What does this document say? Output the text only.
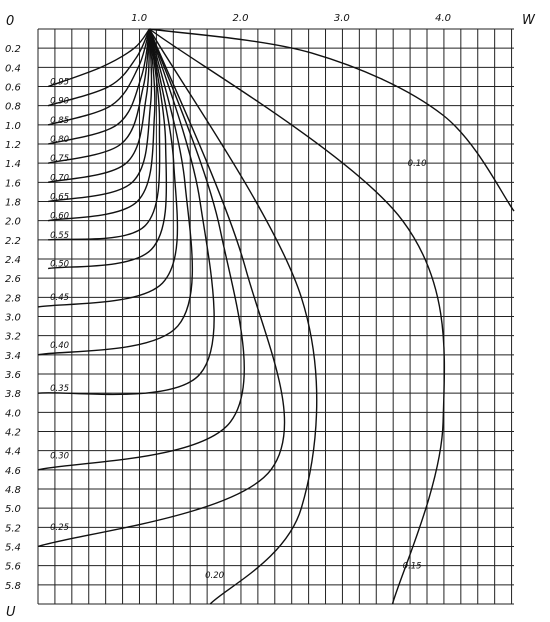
0.95
0.90
0.85
0.80
0.75
0.70
0.65
0.60
0.55
0.50
0.45
0.40
0.35
0.30
0.25
0.20
0.15
0.10
1.0	2.0	3.0	4.0
0.2
0.4
0.6
0.8
1.0
1.2
1.4
1.6
1.8
2.0
2.2
2.4
2.6
2.8
3.0
3.2
3.4
3.6
3.8
4.0
4.2
4.4
4.6
4.8
5.0
5.2
5.4
5.6
5.8
0	W
U
